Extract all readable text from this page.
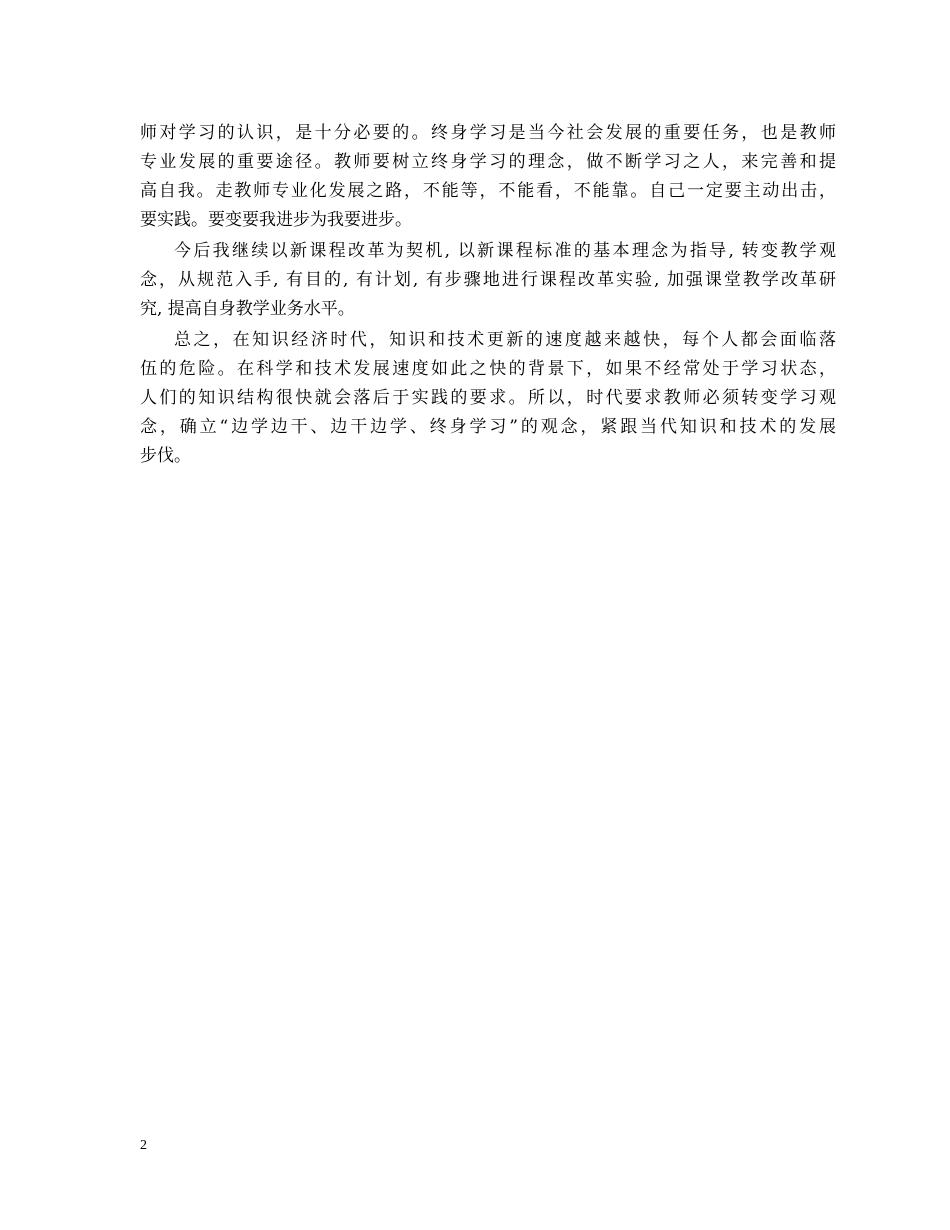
师对学习的认识，是十分必要的。终身学习是当今社会发展的重要任务，也是教师
专业发展的重要途径。教师要树立终身学习的理念，做不断学习之人，来完善和提
高自我。走教师专业化发展之路，不能等，不能看，不能靠。自己一定要主动出击，
要实践。要变要我进步为我要进步。
今后我继续以新课程改革为契机, 以新课程标准的基本理念为指导, 转变教学观
念，从规范入手, 有目的, 有计划, 有步骤地进行课程改革实验, 加强课堂教学改革研
究, 提高自身教学业务水平。
总之，在知识经济时代，知识和技术更新的速度越来越快，每个人都会面临落
伍的危险。在科学和技术发展速度如此之快的背景下，如果不经常处于学习状态，
人们的知识结构很快就会落后于实践的要求。所以，时代要求教师必须转变学习观
念，确立“边学边干、边干边学、终身学习”的观念，紧跟当代知识和技术的发展
步伐。
2
